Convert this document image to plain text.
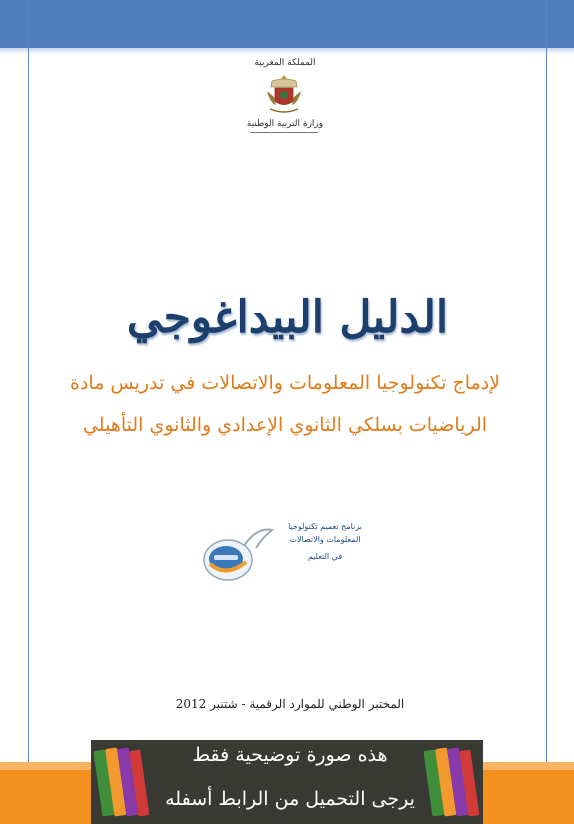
المملكة المغربية
وزارة التربية الوطنية
الدليل البيداغوجي
لإدماج تكنولوجيا المعلومات والاتصالات في تدريس مادة
الرياضيات بسلكي الثانوي الإعدادي والثانوي التأهيلي
برنامج تعميم تكنولوجيا
المعلومات والاتصالات
في التعليم
المختبر الوطني للموارد الرقمية - شتنبر 2012
هذه صورة توضيحية فقط
يرجى التحميل من الرابط أسفله
